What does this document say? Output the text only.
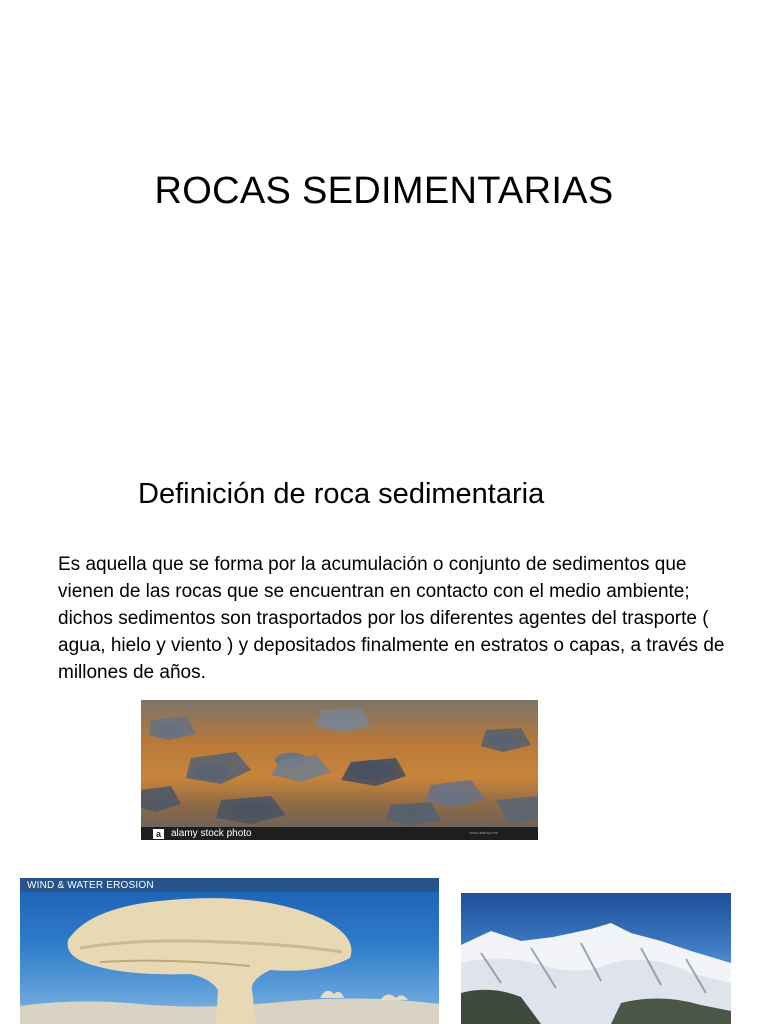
ROCAS SEDIMENTARIAS
Definición de roca sedimentaria

Es aquella que se forma por la acumulación o conjunto de sedimentos que vienen de las rocas que se encuentran en contacto con el medio ambiente; dichos sedimentos son trasportados por los diferentes agentes del trasporte ( agua, hielo y viento ) y depositados finalmente en estratos o capas, a través de millones de años.

a	alamy stock photo	www.alamy.com
WIND & WATER EROSION
